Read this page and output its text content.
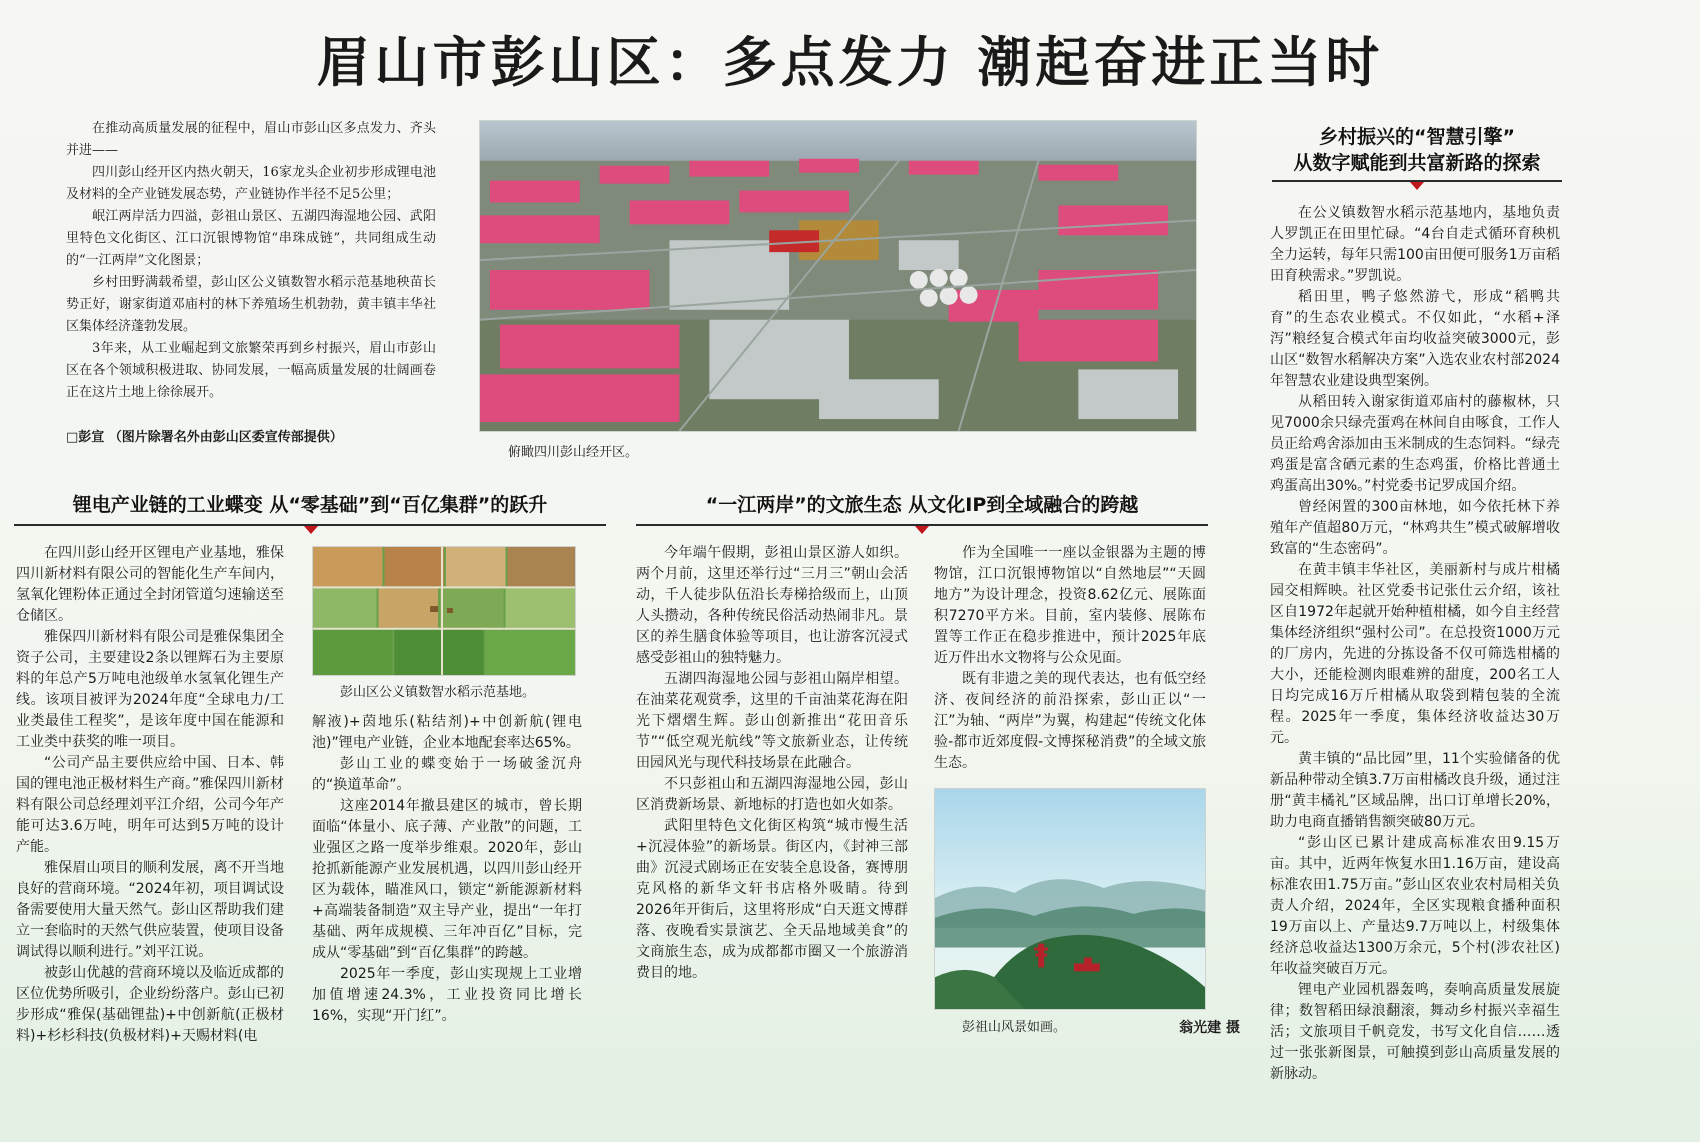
眉山市彭山区：多点发力 潮起奋进正当时

在推动高质量发展的征程中，眉山市彭山区多点发力、齐头并进——

四川彭山经开区内热火朝天，16家龙头企业初步形成锂电池及材料的全产业链发展态势，产业链协作半径不足5公里；

岷江两岸活力四溢，彭祖山景区、五湖四海湿地公园、武阳里特色文化街区、江口沉银博物馆“串珠成链”，共同组成生动的“一江两岸”文化图景；

乡村田野满载希望，彭山区公义镇数智水稻示范基地秧苗长势正好，谢家街道邓庙村的林下养殖场生机勃勃，黄丰镇丰华社区集体经济蓬勃发展。

3年来，从工业崛起到文旅繁荣再到乡村振兴，眉山市彭山区在各个领域积极进取、协同发展，一幅高质量发展的壮阔画卷正在这片土地上徐徐展开。

□彭宣 （图片除署名外由彭山区委宣传部提供）
俯瞰四川彭山经开区。
锂电产业链的工业蝶变 从“零基础”到“百亿集群”的跃升

在四川彭山经开区锂电产业基地，雅保四川新材料有限公司的智能化生产车间内，氢氧化锂粉体正通过全封闭管道匀速输送至仓储区。

雅保四川新材料有限公司是雅保集团全资子公司，主要建设2条以锂辉石为主要原料的年总产5万吨电池级单水氢氧化锂生产线。该项目被评为2024年度“全球电力/工业类最佳工程奖”，是该年度中国在能源和工业类中获奖的唯一项目。

“公司产品主要供应给中国、日本、韩国的锂电池正极材料生产商。”雅保四川新材料有限公司总经理刘平江介绍，公司今年产能可达3.6万吨，明年可达到5万吨的设计产能。

雅保眉山项目的顺利发展，离不开当地良好的营商环境。“2024年初，项目调试设备需要使用大量天然气。彭山区帮助我们建立一套临时的天然气供应装置，使项目设备调试得以顺利进行。”刘平江说。

被彭山优越的营商环境以及临近成都的区位优势所吸引，企业纷纷落户。彭山已初步形成“雅保(基础锂盐)+中创新航(正极材料)+杉杉科技(负极材料)+天赐材料(电

彭山区公义镇数智水稻示范基地。

解液)+茵地乐(粘结剂)+中创新航(锂电池)”锂电产业链，企业本地配套率达65%。

彭山工业的蝶变始于一场破釜沉舟的“换道革命”。

这座2014年撤县建区的城市，曾长期面临“体量小、底子薄、产业散”的问题，工业强区之路一度举步维艰。2020年，彭山抢抓新能源产业发展机遇，以四川彭山经开区为载体，瞄准风口，锁定“新能源新材料+高端装备制造”双主导产业，提出“一年打基础、两年成规模、三年冲百亿”目标，完成从“零基础”到“百亿集群”的跨越。

2025年一季度，彭山实现规上工业增加值增速24.3%，工业投资同比增长16%，实现“开门红”。

“一江两岸”的文旅生态 从文化IP到全域融合的跨越

今年端午假期，彭祖山景区游人如织。两个月前，这里还举行过“三月三”朝山会活动，千人徒步队伍沿长寿梯拾级而上，山顶人头攒动，各种传统民俗活动热闹非凡。景区的养生膳食体验等项目，也让游客沉浸式感受彭祖山的独特魅力。

五湖四海湿地公园与彭祖山隔岸相望。在油菜花观赏季，这里的千亩油菜花海在阳光下熠熠生辉。彭山创新推出“花田音乐节”“低空观光航线”等文旅新业态，让传统田园风光与现代科技场景在此融合。

不只彭祖山和五湖四海湿地公园，彭山区消费新场景、新地标的打造也如火如荼。

武阳里特色文化街区构筑“城市慢生活+沉浸体验”的新场景。街区内，《封神三部曲》沉浸式剧场正在安装全息设备，赛博朋克风格的新华文轩书店格外吸睛。待到2026年开街后，这里将形成“白天逛文博群落、夜晚看实景演艺、全天品地域美食”的文商旅生态，成为成都都市圈又一个旅游消费目的地。

作为全国唯一一座以金银器为主题的博物馆，江口沉银博物馆以“自然地层”“天圆地方”为设计理念，投资8.62亿元、展陈面积7270平方米。目前，室内装修、展陈布置等工作正在稳步推进中，预计2025年底近万件出水文物将与公众见面。

既有非遗之美的现代表达，也有低空经济、夜间经济的前沿探索，彭山正以“一江”为轴、“两岸”为翼，构建起“传统文化体验-都市近郊度假-文博探秘消费”的全域文旅生态。

彭祖山风景如画。	翁光建 摄
乡村振兴的“智慧引擎”
从数字赋能到共富新路的探索

在公义镇数智水稻示范基地内，基地负责人罗凯正在田里忙碌。“4台自走式循环育秧机全力运转，每年只需100亩田便可服务1万亩稻田育秧需求。”罗凯说。

稻田里，鸭子悠然游弋，形成“稻鸭共育”的生态农业模式。不仅如此，“水稻+泽泻”粮经复合模式年亩均收益突破3000元，彭山区“数智水稻解决方案”入选农业农村部2024年智慧农业建设典型案例。

从稻田转入谢家街道邓庙村的藤椒林，只见7000余只绿壳蛋鸡在林间自由啄食，工作人员正给鸡舍添加由玉米制成的生态饲料。“绿壳鸡蛋是富含硒元素的生态鸡蛋，价格比普通土鸡蛋高出30%。”村党委书记罗成国介绍。

曾经闲置的300亩林地，如今依托林下养殖年产值超80万元，“林鸡共生”模式破解增收致富的“生态密码”。

在黄丰镇丰华社区，美丽新村与成片柑橘园交相辉映。社区党委书记张仕云介绍，该社区自1972年起就开始种植柑橘，如今自主经营集体经济组织“强村公司”。在总投资1000万元的厂房内，先进的分拣设备不仅可筛选柑橘的大小，还能检测肉眼难辨的甜度，200名工人日均完成16万斤柑橘从取袋到精包装的全流程。2025年一季度，集体经济收益达30万元。

黄丰镇的“品比园”里，11个实验储备的优新品种带动全镇3.7万亩柑橘改良升级，通过注册“黄丰橘礼”区域品牌，出口订单增长20%，助力电商直播销售额突破80万元。

“彭山区已累计建成高标准农田9.15万亩。其中，近两年恢复水田1.16万亩，建设高标准农田1.75万亩。”彭山区农业农村局相关负责人介绍，2024年，全区实现粮食播种面积19万亩以上、产量达9.7万吨以上，村级集体经济总收益达1300万余元，5个村(涉农社区)年收益突破百万元。

锂电产业园机器轰鸣，奏响高质量发展旋律；数智稻田绿浪翻滚，舞动乡村振兴幸福生活；文旅项目千帆竞发，书写文化自信……透过一张张新图景，可触摸到彭山高质量发展的新脉动。
